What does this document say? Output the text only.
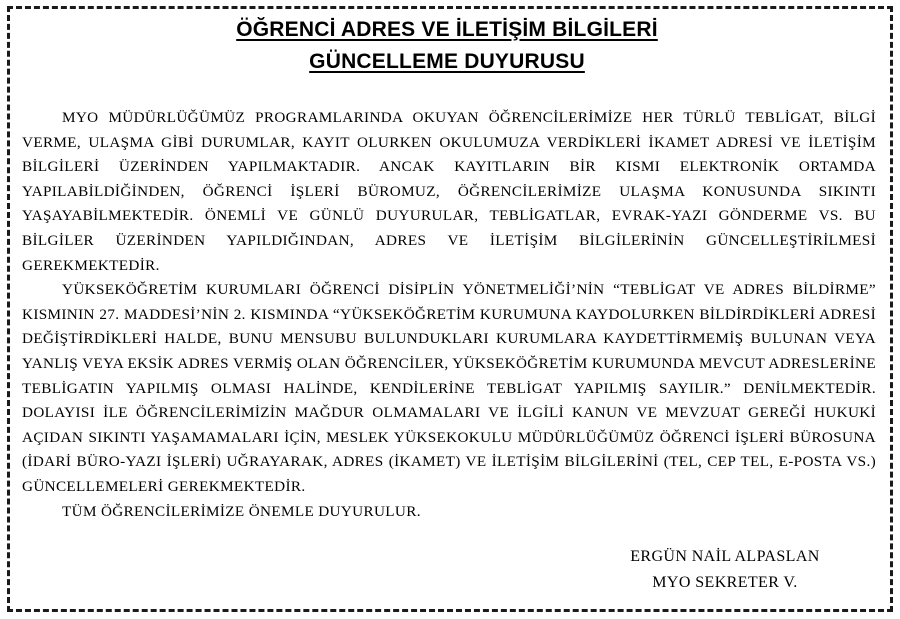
ÖĞRENCİ ADRES VE İLETİŞİM BİLGİLERİ
GÜNCELLEME DUYURUSU

MYO MÜDÜRLÜĞÜMÜZ PROGRAMLARINDA OKUYAN ÖĞRENCİLERİMİZE HER TÜRLÜ TEBLİGAT, BİLGİ VERME, ULAŞMA GİBİ DURUMLAR, KAYIT OLURKEN OKULUMUZA VERDİKLERİ İKAMET ADRESİ VE İLETİŞİM BİLGİLERİ ÜZERİNDEN YAPILMAKTADIR. ANCAK KAYITLARIN BİR KISMI ELEKTRONİK ORTAMDA YAPILABİLDİĞİNDEN, ÖĞRENCİ İŞLERİ BÜROMUZ, ÖĞRENCİLERİMİZE ULAŞMA KONUSUNDA SIKINTI YAŞAYABİLMEKTEDİR. ÖNEMLİ VE GÜNLÜ DUYURULAR, TEBLİGATLAR, EVRAK-YAZI GÖNDERME VS. BU BİLGİLER ÜZERİNDEN YAPILDIĞINDAN, ADRES VE İLETİŞİM BİLGİLERİNİN GÜNCELLEŞTİRİLMESİ GEREKMEKTEDİR.

YÜKSEKÖĞRETİM KURUMLARI ÖĞRENCİ DİSİPLİN YÖNETMELİĞİ’NİN “TEBLİGAT VE ADRES BİLDİRME” KISMININ 27. MADDESİ’NİN 2. KISMINDA “YÜKSEKÖĞRETİM KURUMUNA KAYDOLURKEN BİLDİRDİKLERİ ADRESİ DEĞİŞTİRDİKLERİ HALDE, BUNU MENSUBU BULUNDUKLARI KURUMLARA KAYDETTİRMEMİŞ BULUNAN VEYA YANLIŞ VEYA EKSİK ADRES VERMİŞ OLAN ÖĞRENCİLER, YÜKSEKÖĞRETİM KURUMUNDA MEVCUT ADRESLERİNE TEBLİGATIN YAPILMIŞ OLMASI HALİNDE, KENDİLERİNE TEBLİGAT YAPILMIŞ SAYILIR.” DENİLMEKTEDİR. DOLAYISI İLE ÖĞRENCİLERİMİZİN MAĞDUR OLMAMALARI VE İLGİLİ KANUN VE MEVZUAT GEREĞİ HUKUKİ AÇIDAN SIKINTI YAŞAMAMALARI İÇİN, MESLEK YÜKSEKOKULU MÜDÜRLÜĞÜMÜZ ÖĞRENCİ İŞLERİ BÜROSUNA (İDARİ BÜRO-YAZI İŞLERİ) UĞRAYARAK, ADRES (İKAMET) VE İLETİŞİM BİLGİLERİNİ (TEL, CEP TEL, E-POSTA VS.) GÜNCELLEMELERİ GEREKMEKTEDİR.

TÜM ÖĞRENCİLERİMİZE ÖNEMLE DUYURULUR.

ERGÜN NAİL ALPASLAN
MYO SEKRETER V.
